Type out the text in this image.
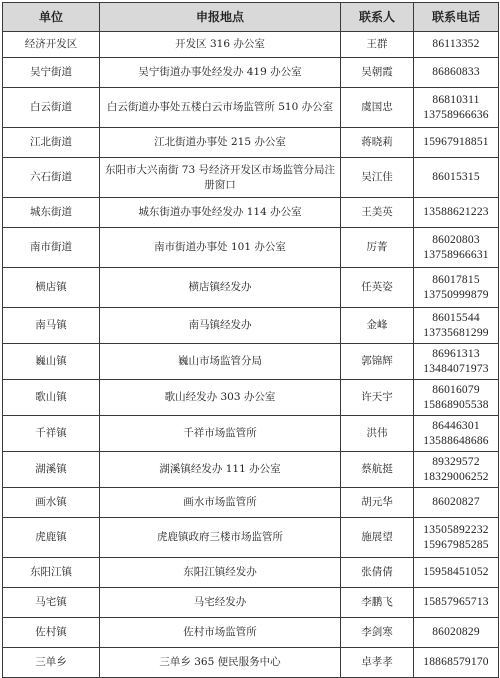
单位	申报地点	联系人	联系电话
经济开发区	开发区 316 办公室	王群	86113352

吴宁街道	吴宁街道办事处经发办 419 办公室	吴朝霞	86860833

白云街道	白云街道办事处五楼白云市场监管所 510 办公室	虞国忠	86810311
13758966636

江北街道	江北街道办事处 215 办公室	蒋晓莉	15967918851

六石街道	东阳市大兴南街 73 号经济开发区市场监管分局注册窗口	吴江佳	86015315

城东街道	城东街道办事处经发办 114 办公室	王美英	13588621223

南市街道	南市街道办事处 101 办公室	厉菁	86020803
13758966631

横店镇	横店镇经发办	任英姿	86017815
13750999879

南马镇	南马镇经发办	金峰	86015544
13735681299

巍山镇	巍山市场监管分局	郭锦辉	86961313
13484071973

歌山镇	歌山经发办 303 办公室	许天宇	86016079
15868905538

千祥镇	千祥市场监管所	洪伟	86446301
13588648686

湖溪镇	湖溪镇经发办 111 办公室	蔡航挺	89329572
18329006252

画水镇	画水市场监管所	胡元华	86020827

虎鹿镇	虎鹿镇政府三楼市场监管所	施展望	13505892232
15967985285

东阳江镇	东阳江镇经发办	张倩倩	15958451052

马宅镇	马宅经发办	李鹏飞	15857965713

佐村镇	佐村市场监管所	李剑寒	86020829

三单乡	三单乡 365 便民服务中心	卓孝孝	18868579170
